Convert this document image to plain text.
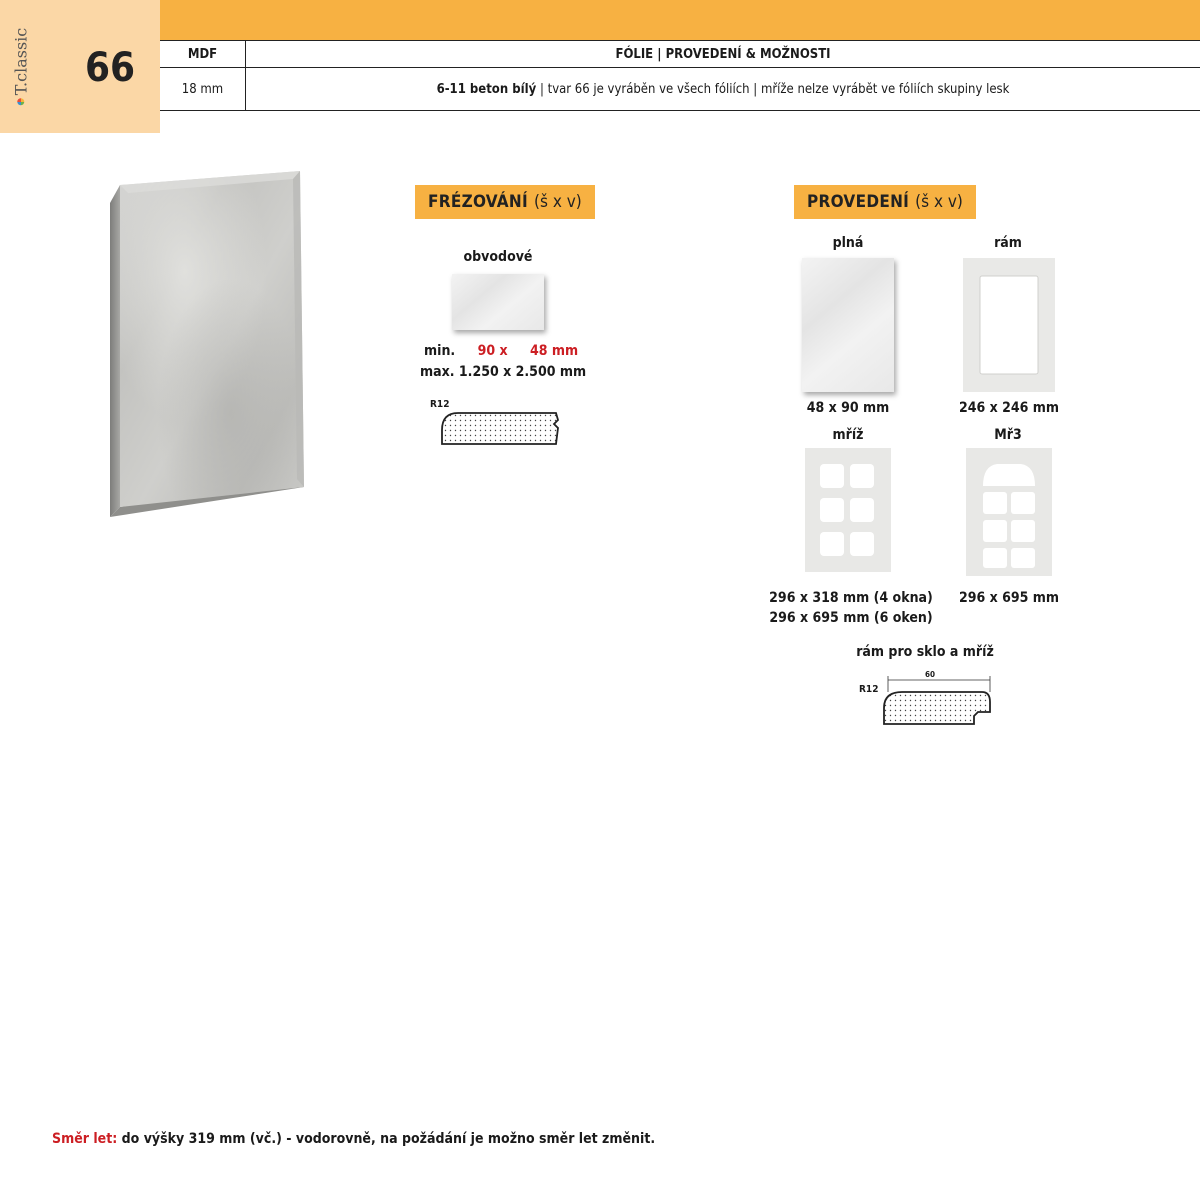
T.classic	66	MDF	FÓLIE | PROVEDENÍ & MOŽNOSTI
18 mm	6-11 beton bílý | tvar 66 je vyráběn ve všech fóliích | mříže nelze vyrábět ve fóliích skupiny lesk
FRÉZOVÁNÍ (š x v)
obvodové
min. 90 x 48 mm
max. 1.250 x 2.500 mm
R12
PROVEDENÍ (š x v)
plná
48 x 90 mm
rám
246 x 246 mm
mříž
296 x 318 mm (4 okna)
296 x 695 mm (6 oken)
Mř3
296 x 695 mm
rám pro sklo a mříž
R12
60
Směr let: do výšky 319 mm (vč.) - vodorovně, na požádání je možno směr let změnit.
